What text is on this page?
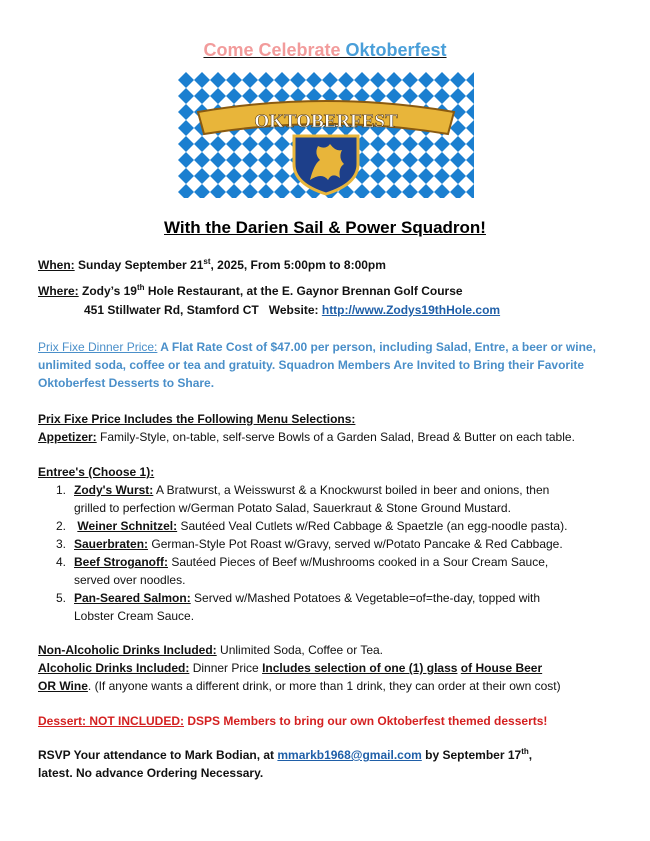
Come Celebrate Oktoberfest
OKTOBERFEST
With the Darien Sail & Power Squadron!
When: Sunday September 21st, 2025, From 5:00pm to 8:00pm
Where: Zody’s 19th Hole Restaurant, at the E. Gaynor Brennan Golf Course
451 Stillwater Rd, Stamford CT Website: http://www.Zodys19thHole.com
Prix Fixe Dinner Price: A Flat Rate Cost of $47.00 per person, including Salad, Entre, a beer or wine, unlimited soda, coffee or tea and gratuity. Squadron Members Are Invited to Bring their Favorite Oktoberfest Desserts to Share.
Prix Fixe Price Includes the Following Menu Selections:
Appetizer: Family-Style, on-table, self-serve Bowls of a Garden Salad, Bread & Butter on each table.
Entree's (Choose 1):
1. Zody's Wurst: A Bratwurst, a Weisswurst & a Knockwurst boiled in beer and onions, then
grilled to perfection w/German Potato Salad, Sauerkraut & Stone Ground Mustard.
2. Weiner Schnitzel: Sautéed Veal Cutlets w/Red Cabbage & Spaetzle (an egg-noodle pasta).
3. Sauerbraten: German-Style Pot Roast w/Gravy, served w/Potato Pancake & Red Cabbage.
4. Beef Stroganoff: Sautéed Pieces of Beef w/Mushrooms cooked in a Sour Cream Sauce,
served over noodles.
5. Pan-Seared Salmon: Served w/Mashed Potatoes & Vegetable=of=the-day, topped with
Lobster Cream Sauce.
Non-Alcoholic Drinks Included: Unlimited Soda, Coffee or Tea.
Alcoholic Drinks Included: Dinner Price Includes selection of one (1) glass of House Beer
OR Wine. (If anyone wants a different drink, or more than 1 drink, they can order at their own cost)
Dessert: NOT INCLUDED: DSPS Members to bring our own Oktoberfest themed desserts!
RSVP Your attendance to Mark Bodian, at mmarkb1968@gmail.com by September 17th,
latest. No advance Ordering Necessary.
